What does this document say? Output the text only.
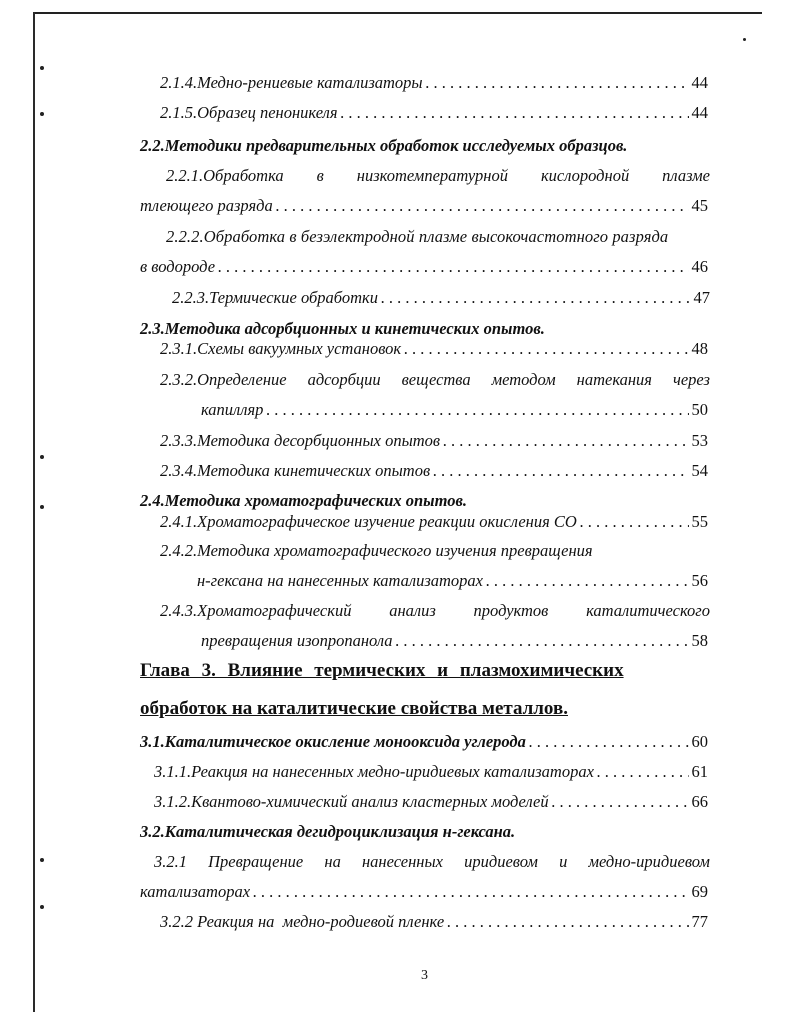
2.1.4.Медно-рениевые катализаторы . . .	44
2.1.5.Образец пеноникеля . . .	44
2.2.Методики предварительных обработок исследуемых образцов.
2.2.1.Обработка в низкотемпературной кислородной плазме
тлеющего разряда . . .	45
2.2.2.Обработка в безэлектродной плазме высокочастотного разряда
в водороде . . .	46
2.2.3.Термические обработки . . .	47
2.3.Методика адсорбционных и кинетических опытов.
2.3.1.Схемы вакуумных установок . . .	48
2.3.2.Определение адсорбции вещества методом натекания через
капилляр . . .	50
2.3.3.Методика десорбционных опытов . . .	53
2.3.4.Методика кинетических опытов . . .	54
2.4.Методика хроматографических опытов.
2.4.1.Хроматографическое изучение реакции окисления СО . . .	55
2.4.2.Методика хроматографического изучения превращения
н-гексана на нанесенных катализаторах . . .	56
2.4.3.Хроматографический анализ продуктов каталитического
превращения изопропанола . . .	58
Глава 3. Влияние термических и плазмохимических
обработок на каталитические свойства металлов.
3.1.Каталитическое окисление монооксида углерода . . .	60
3.1.1.Реакция на нанесенных медно-иридиевых катализаторах . . .	61
3.1.2.Квантово-химический анализ кластерных моделей . . .	66
3.2.Каталитическая дегидроциклизация н-гексана.
3.2.1 Превращение на нанесенных иридиевом и медно-иридиевом
катализаторах . . .	69
3.2.2 Реакция на  медно-родиевой пленке . . .	77
3
